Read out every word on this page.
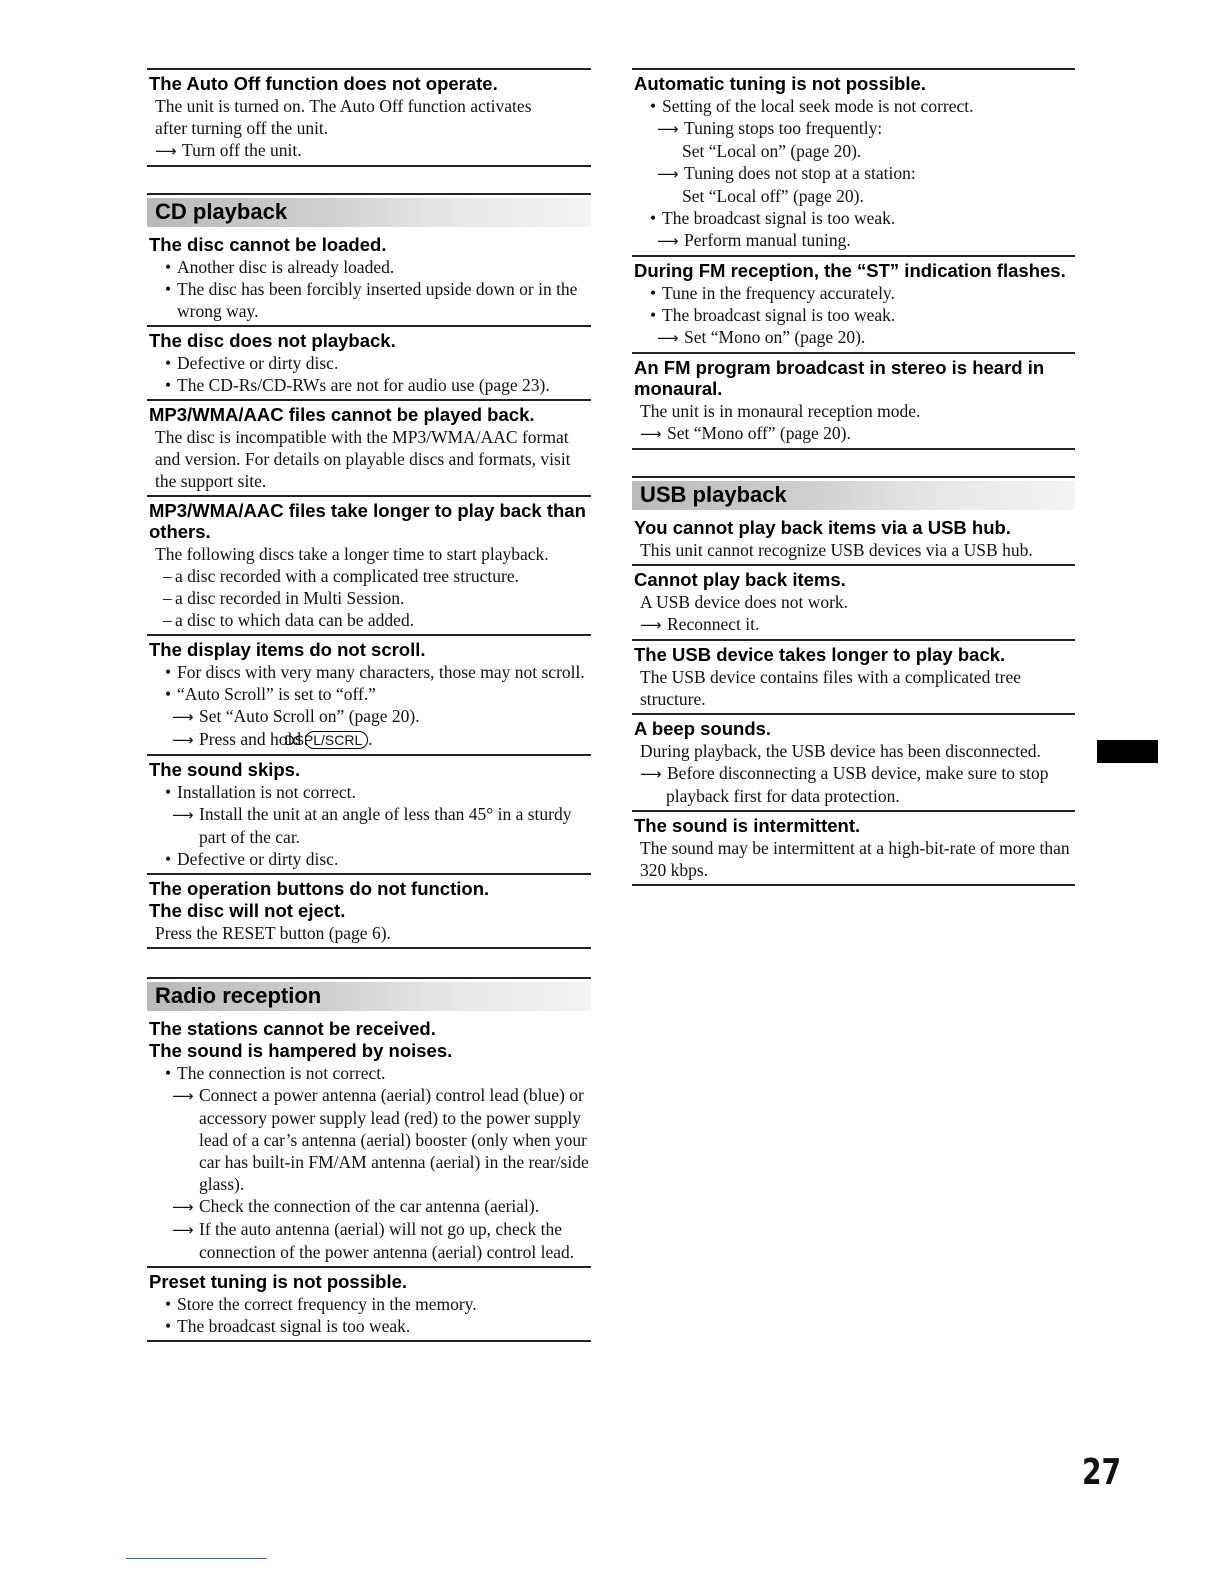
The Auto Off function does not operate.
The unit is turned on. The Auto Off function activates
after turning off the unit.
⟶ Turn off the unit.
CD playback
The disc cannot be loaded.
• Another disc is already loaded.
• The disc has been forcibly inserted upside down or in the wrong way.
The disc does not playback.
• Defective or dirty disc.
• The CD-Rs/CD-RWs are not for audio use (page 23).
MP3/WMA/AAC files cannot be played back.
The disc is incompatible with the MP3/WMA/AAC format and version. For details on playable discs and formats, visit the support site.
MP3/WMA/AAC files take longer to play back than others.
The following discs take a longer time to start playback.
– a disc recorded with a complicated tree structure.
– a disc recorded in Multi Session.
– a disc to which data can be added.
The display items do not scroll.
• For discs with very many characters, those may not scroll.
• “Auto Scroll” is set to “off.”
⟶ Set “Auto Scroll on” (page 20).
⟶ Press and hold DSPL/SCRL .
The sound skips.
• Installation is not correct.
⟶ Install the unit at an angle of less than 45° in a sturdy part of the car.
• Defective or dirty disc.
The operation buttons do not function.
The disc will not eject.
Press the RESET button (page 6).
Radio reception
The stations cannot be received.
The sound is hampered by noises.
• The connection is not correct.
⟶ Connect a power antenna (aerial) control lead (blue) or accessory power supply lead (red) to the power supply lead of a car’s antenna (aerial) booster (only when your car has built-in FM/AM antenna (aerial) in the rear/side glass).
⟶ Check the connection of the car antenna (aerial).
⟶ If the auto antenna (aerial) will not go up, check the connection of the power antenna (aerial) control lead.
Preset tuning is not possible.
• Store the correct frequency in the memory.
• The broadcast signal is too weak.
Automatic tuning is not possible.
• Setting of the local seek mode is not correct.
⟶ Tuning stops too frequently:
Set “Local on” (page 20).
⟶ Tuning does not stop at a station:
Set “Local off” (page 20).
• The broadcast signal is too weak.
⟶ Perform manual tuning.
During FM reception, the “ST” indication flashes.
• Tune in the frequency accurately.
• The broadcast signal is too weak.
⟶ Set “Mono on” (page 20).
An FM program broadcast in stereo is heard in monaural.
The unit is in monaural reception mode.
⟶ Set “Mono off” (page 20).
USB playback
You cannot play back items via a USB hub.
This unit cannot recognize USB devices via a USB hub.
Cannot play back items.
A USB device does not work.
⟶ Reconnect it.
The USB device takes longer to play back.
The USB device contains files with a complicated tree structure.
A beep sounds.
During playback, the USB device has been disconnected.
⟶ Before disconnecting a USB device, make sure to stop playback first for data protection.
The sound is intermittent.
The sound may be intermittent at a high-bit-rate of more than 320 kbps.
27
